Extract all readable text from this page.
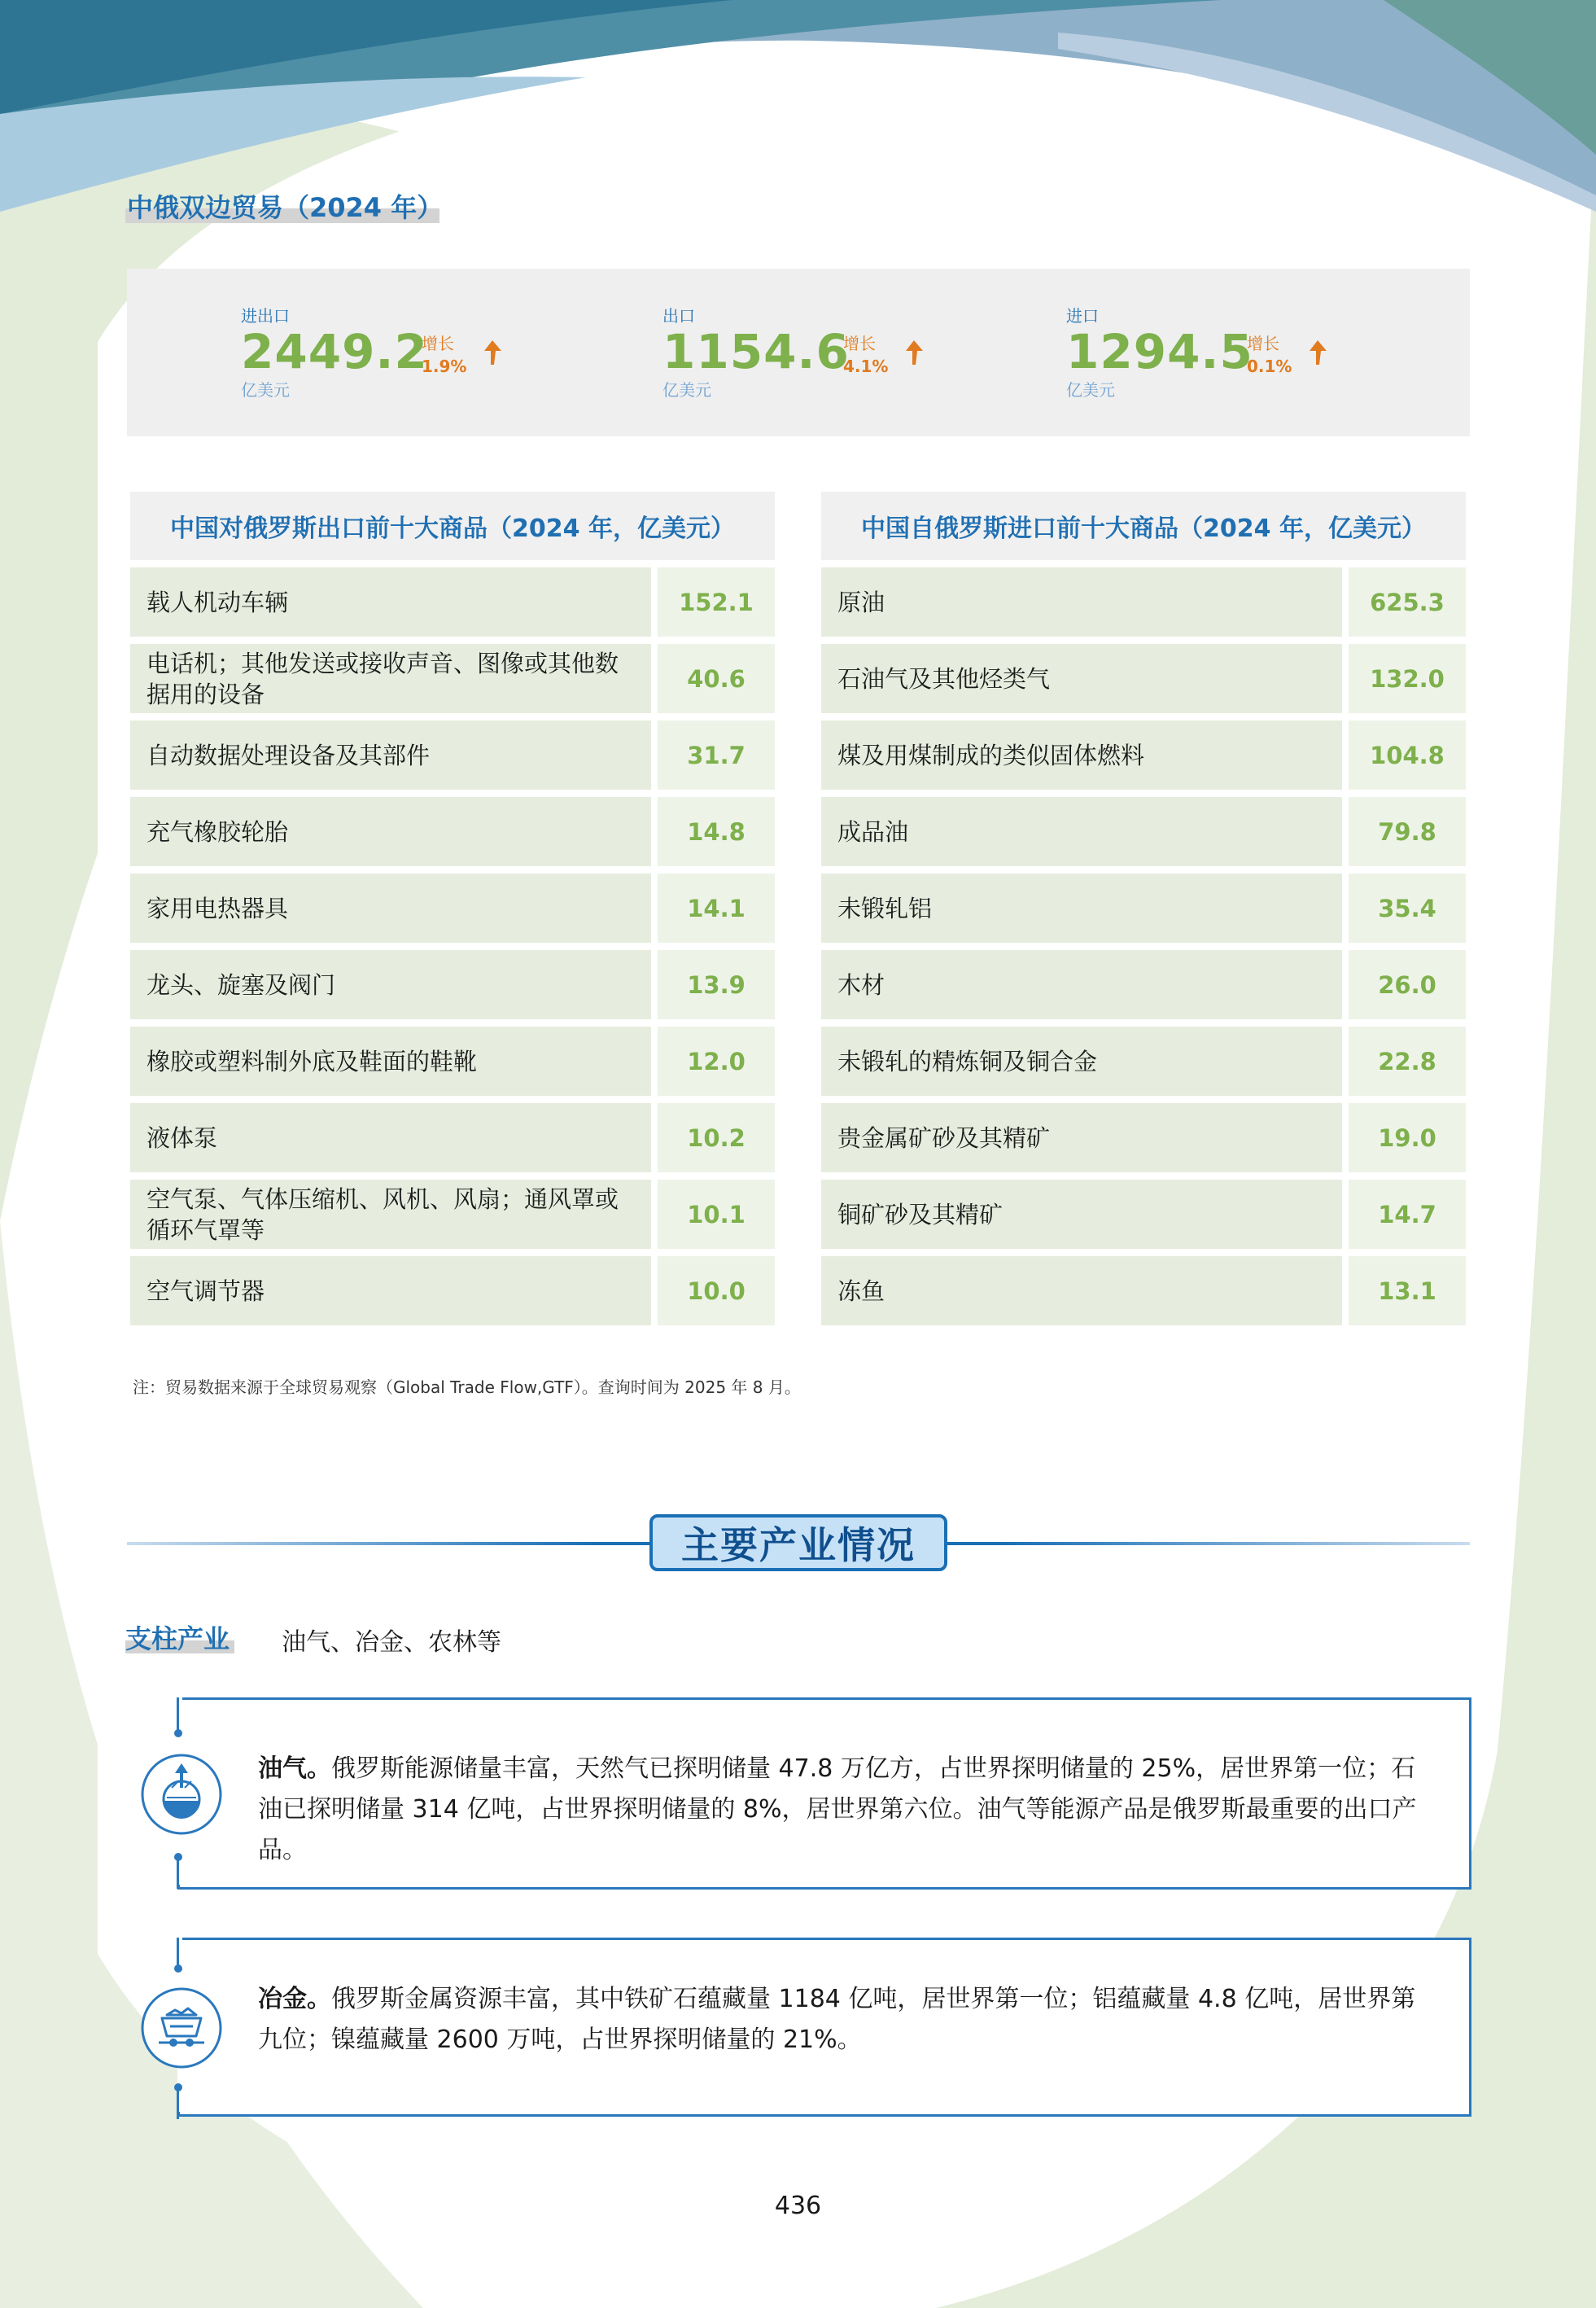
中俄双边贸易（2024 年）
进出口
2449.2
亿美元
增长
1.9%
出口
1154.6
亿美元
增长
4.1%
进口
1294.5
亿美元
增长
0.1%
中国对俄罗斯出口前十大商品（2024 年，亿美元）
载人机动车辆	152.1
电话机；其他发送或接收声音、图像或其他数据用的设备
40.6
自动数据处理设备及其部件	31.7
充气橡胶轮胎	14.8
家用电热器具	14.1
龙头、旋塞及阀门	13.9
橡胶或塑料制外底及鞋面的鞋靴	12.0
液体泵	10.2
空气泵、气体压缩机、风机、风扇；通风罩或循环气罩等
10.1
空气调节器	10.0
中国自俄罗斯进口前十大商品（2024 年，亿美元）
原油	625.3
石油气及其他烃类气	132.0
煤及用煤制成的类似固体燃料	104.8
成品油	79.8
未锻轧铝	35.4
木材	26.0
未锻轧的精炼铜及铜合金	22.8
贵金属矿砂及其精矿	19.0
铜矿砂及其精矿	14.7
冻鱼	13.1
注：贸易数据来源于全球贸易观察（Global Trade Flow,GTF）。查询时间为 2025 年 8 月。
主要产业情况
支柱产业 油气、冶金、农林等
油气。俄罗斯能源储量丰富，天然气已探明储量 47.8 万亿方，占世界探明储量的 25%，居世界第一位；石油已探明储量 314 亿吨，占世界探明储量的 8%，居世界第六位。油气等能源产品是俄罗斯最重要的出口产品。
冶金。俄罗斯金属资源丰富，其中铁矿石蕴藏量 1184 亿吨，居世界第一位；铝蕴藏量 4.8 亿吨，居世界第九位；镍蕴藏量 2600 万吨，占世界探明储量的 21%。
436
